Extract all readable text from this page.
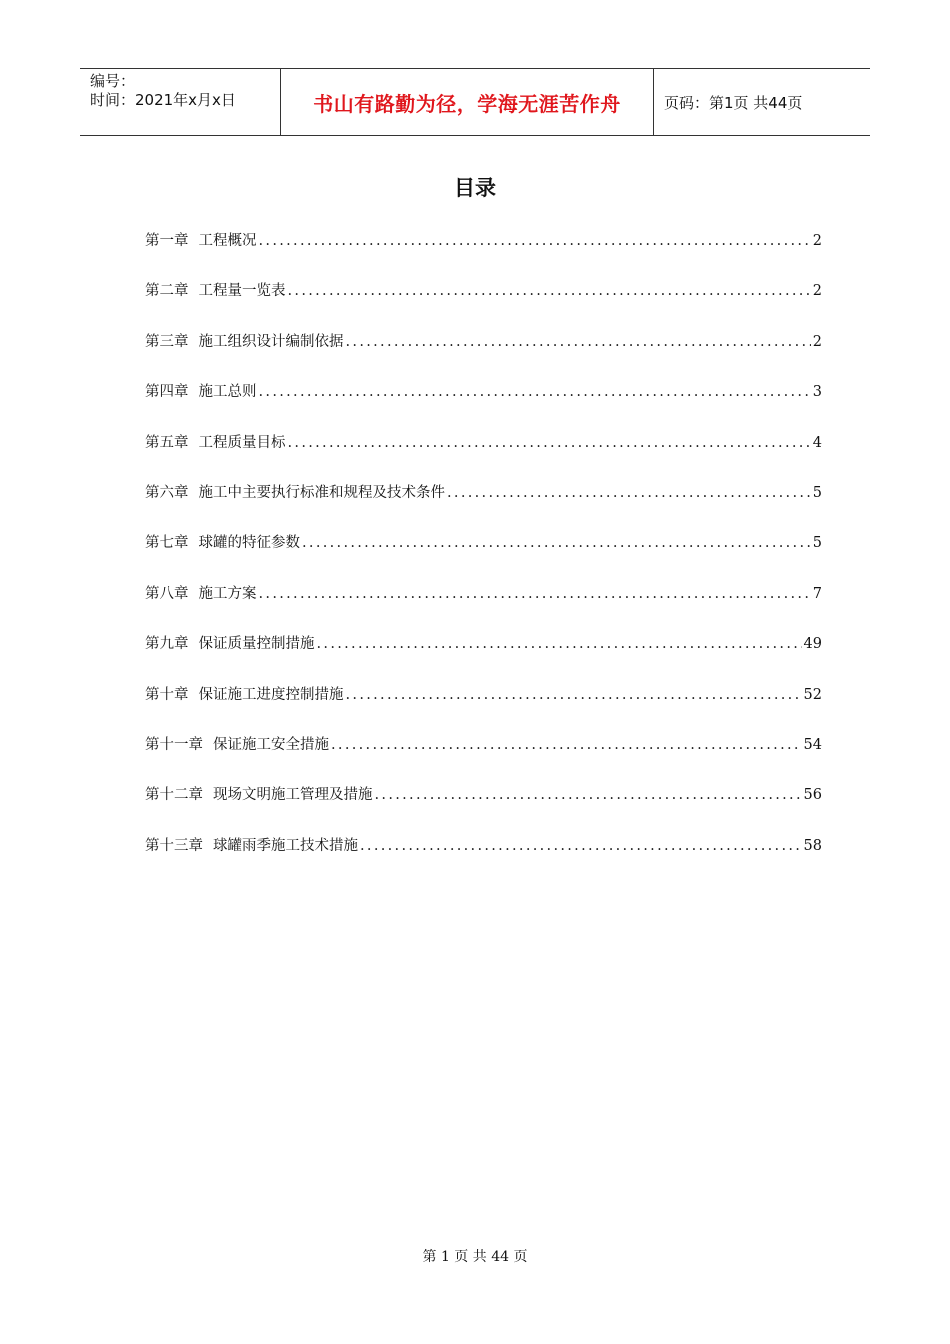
编号：
时间：2021年x月x日	书山有路勤为径，学海无涯苦作舟	页码：第1页 共44页
目录
第一章 工程概况 .....	2
第二章 工程量一览表 .....	2
第三章 施工组织设计编制依据 .....	2
第四章 施工总则 .....	3
第五章 工程质量目标 .....	4
第六章 施工中主要执行标准和规程及技术条件 .....	5
第七章 球罐的特征参数 .....	5
第八章 施工方案 .....	7
第九章 保证质量控制措施 .....	49
第十章 保证施工进度控制措施 .....	52
第十一章 保证施工安全措施 .....	54
第十二章 现场文明施工管理及措施 .....	56
第十三章 球罐雨季施工技术措施 .....	58
第 1 页 共 44 页
